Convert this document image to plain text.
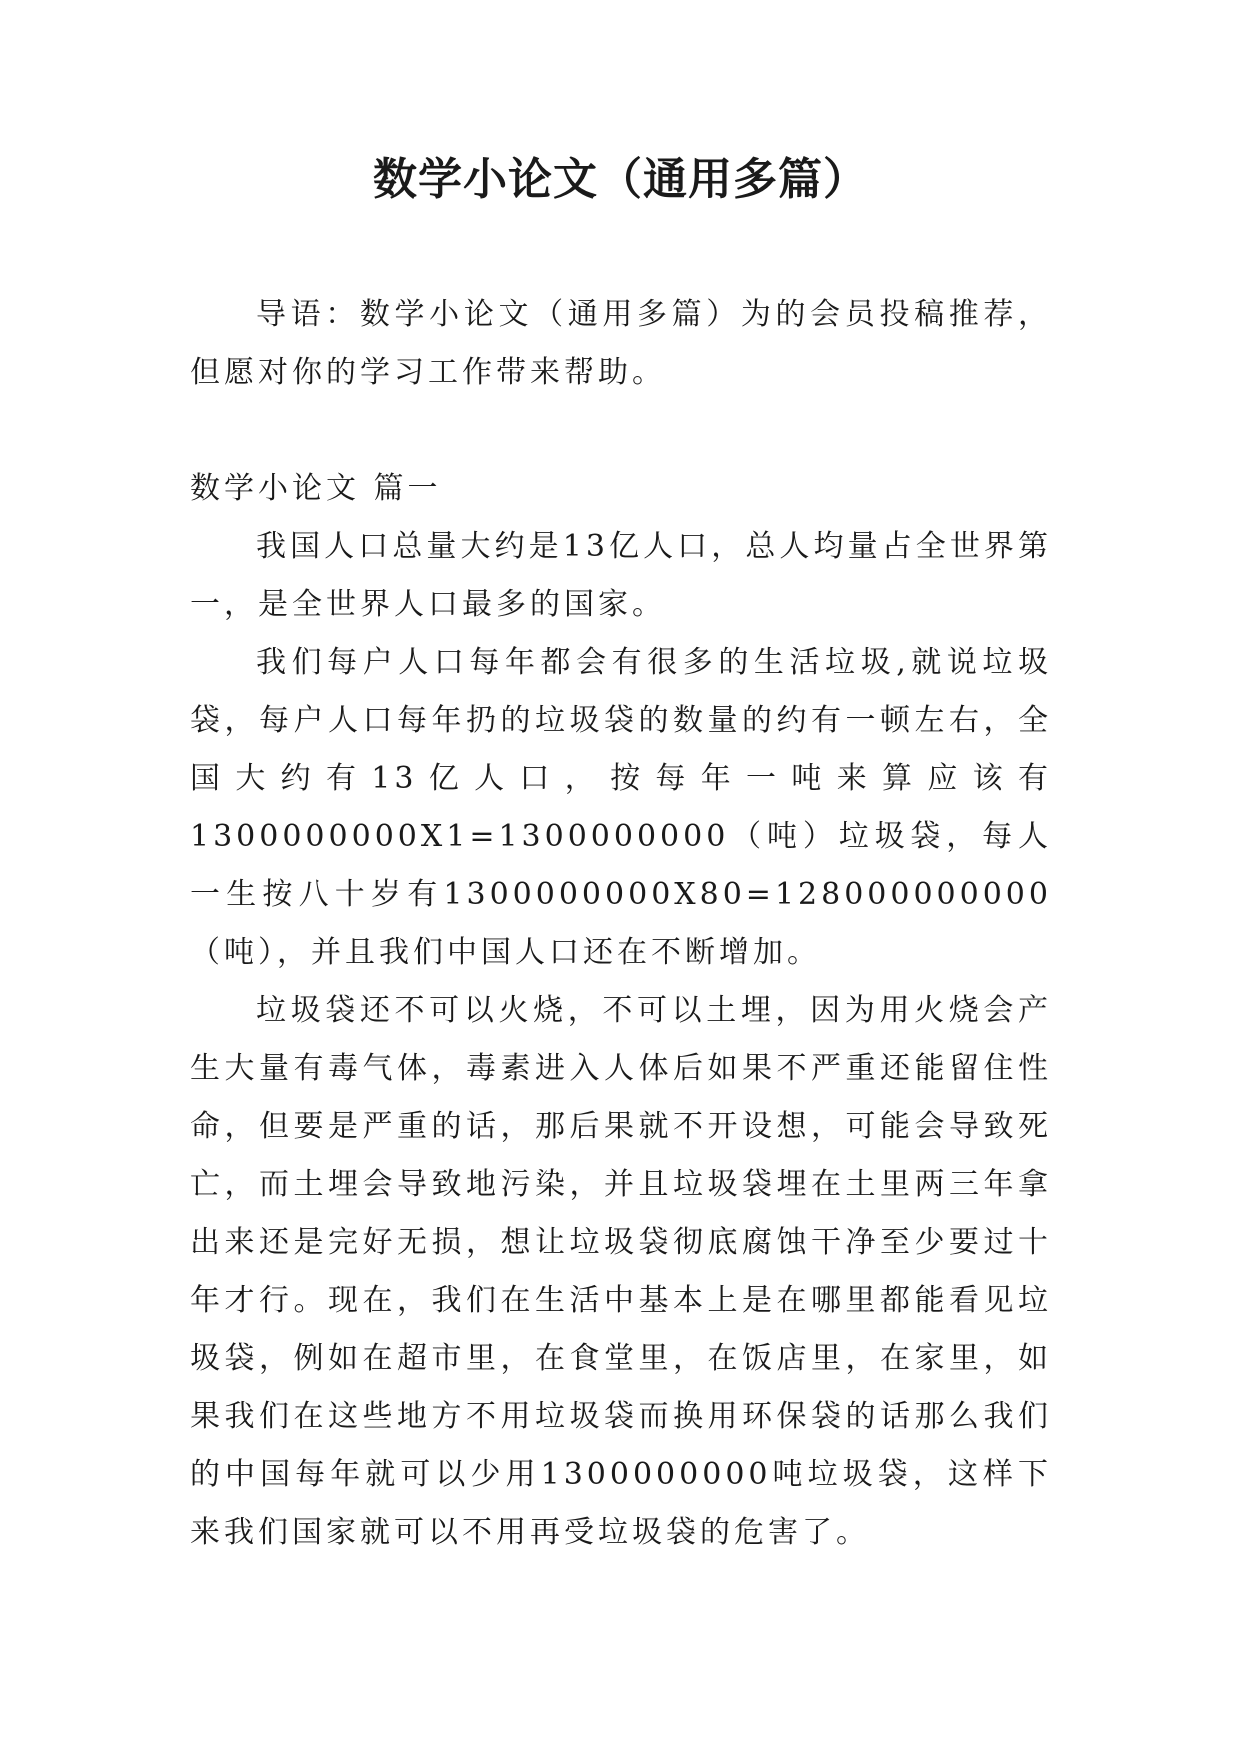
数学小论文（通用多篇）
导语：数学小论文（通用多篇）为的会员投稿推荐，但愿对你的学习工作带来帮助。
数学小论文 篇一

我国人口总量大约是13亿人口，总人均量占全世界第一，是全世界人口最多的国家。

我们每户人口每年都会有很多的生活垃圾,就说垃圾袋，每户人口每年扔的垃圾袋的数量的约有一顿左右，全国大约有13亿人口，按每年一吨来算应该有1300000000X1=1300000000（吨）垃圾袋，每人一生按八十岁有1300000000X80=128000000000（吨），并且我们中国人口还在不断增加。

垃圾袋还不可以火烧，不可以土埋，因为用火烧会产生大量有毒气体，毒素进入人体后如果不严重还能留住性命，但要是严重的话，那后果就不开设想，可能会导致死亡，而土埋会导致地污染，并且垃圾袋埋在土里两三年拿出来还是完好无损，想让垃圾袋彻底腐蚀干净至少要过十年才行。现在，我们在生活中基本上是在哪里都能看见垃圾袋，例如在超市里，在食堂里，在饭店里，在家里，如果我们在这些地方不用垃圾袋而换用环保袋的话那么我们的中国每年就可以少用1300000000吨垃圾袋，这样下来我们国家就可以不用再受垃圾袋的危害了。
